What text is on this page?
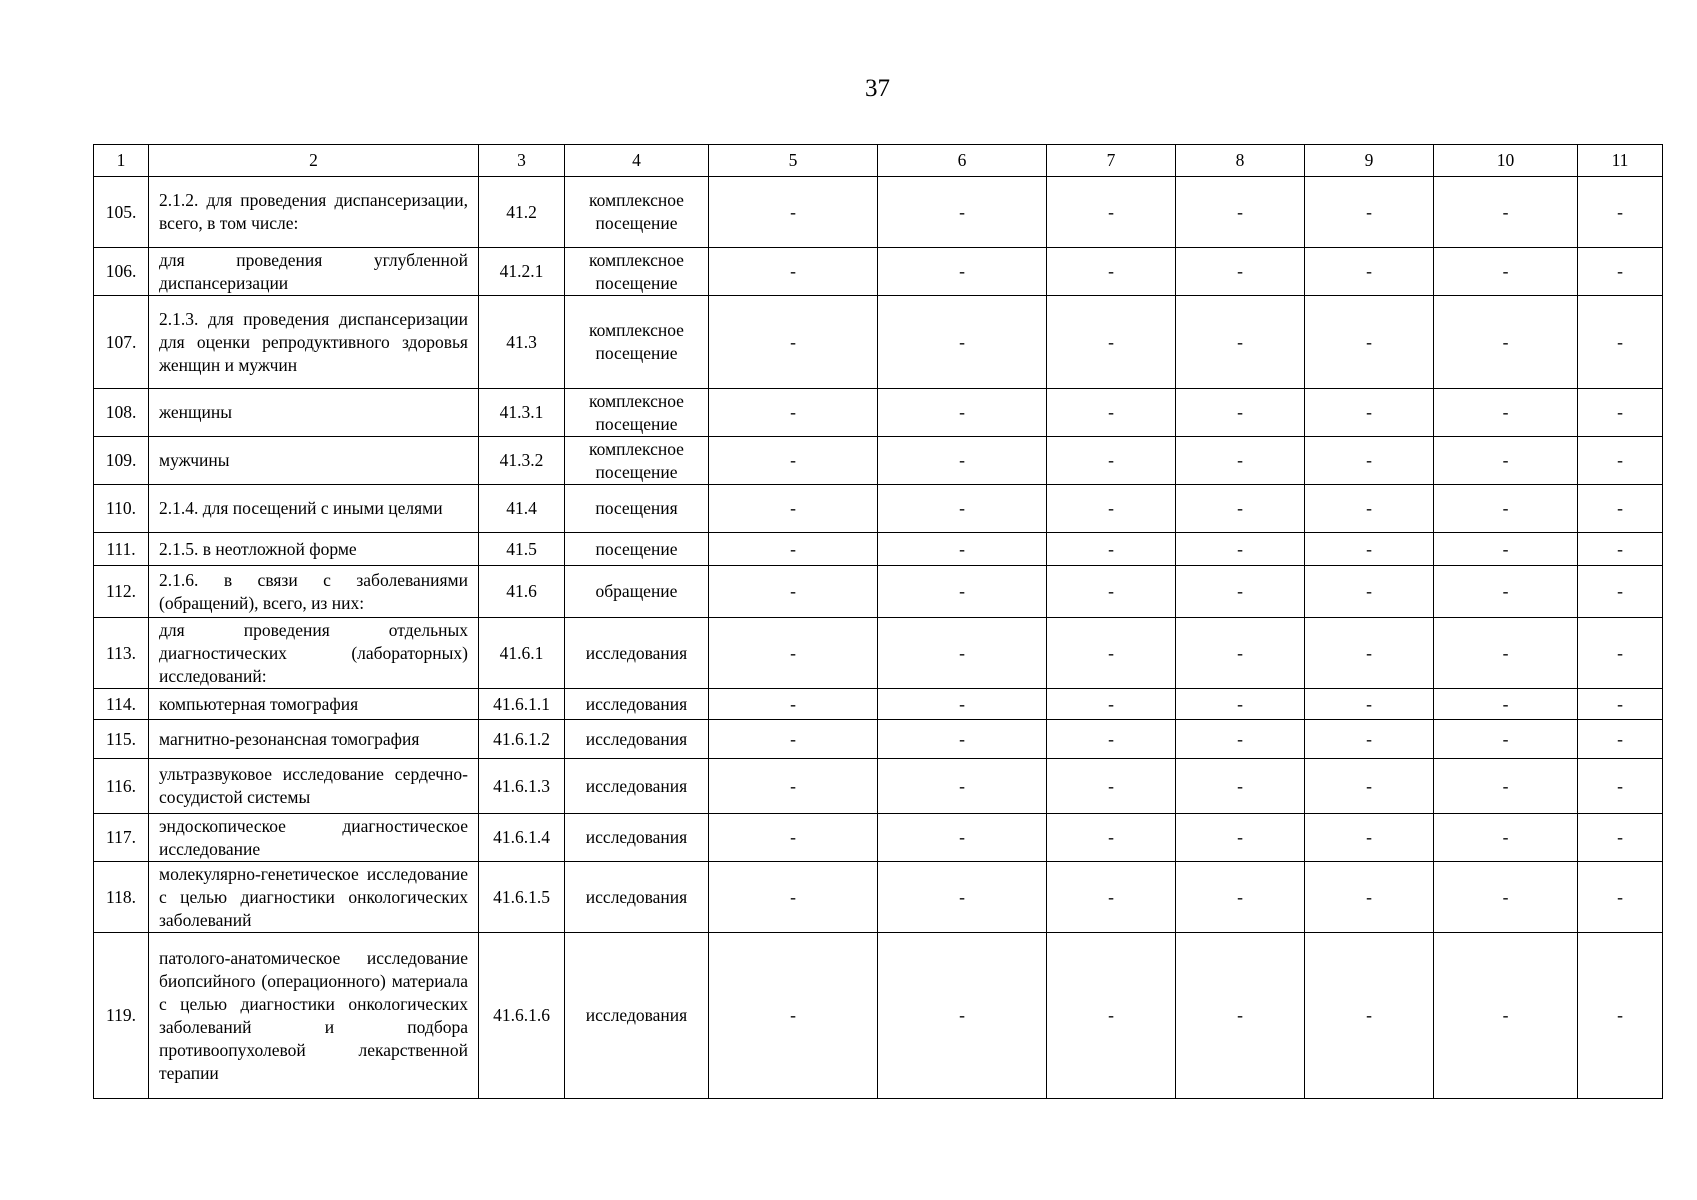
37
1	2	3	4	5	6	7	8	9	10	11
105.	2.1.2. для проведения диспансеризации, всего, в том числе:	41.2	комплексное посещение	-	-	-	-	-	-	-
106.	для проведения углубленной диспансеризации	41.2.1	комплексное посещение	-	-	-	-	-	-	-
107.	2.1.3. для проведения диспансеризации для оценки репродуктивного здоровья женщин и мужчин	41.3	комплексное посещение	-	-	-	-	-	-	-
108.	женщины	41.3.1	комплексное посещение	-	-	-	-	-	-	-
109.	мужчины	41.3.2	комплексное посещение	-	-	-	-	-	-	-
110.	2.1.4. для посещений с иными целями	41.4	посещения	-	-	-	-	-	-	-
111.	2.1.5. в неотложной форме	41.5	посещение	-	-	-	-	-	-	-
112.	2.1.6. в связи с заболеваниями (обращений), всего, из них:	41.6	обращение	-	-	-	-	-	-	-
113.	для проведения отдельных диагностических (лабораторных) исследований:	41.6.1	исследования	-	-	-	-	-	-	-
114.	компьютерная томография	41.6.1.1	исследования	-	-	-	-	-	-	-
115.	магнитно-резонансная томография	41.6.1.2	исследования	-	-	-	-	-	-	-
116.	ультразвуковое исследование сердечно-сосудистой системы	41.6.1.3	исследования	-	-	-	-	-	-	-
117.	эндоскопическое диагностическое исследование	41.6.1.4	исследования	-	-	-	-	-	-	-
118.	молекулярно-генетическое исследование с целью диагностики онкологических заболеваний	41.6.1.5	исследования	-	-	-	-	-	-	-
119.	патолого-анатомическое исследование биопсийного (операционного) материала с целью диагностики онкологических заболеваний и подбора противоопухолевой лекарственной терапии	41.6.1.6	исследования	-	-	-	-	-	-	-
